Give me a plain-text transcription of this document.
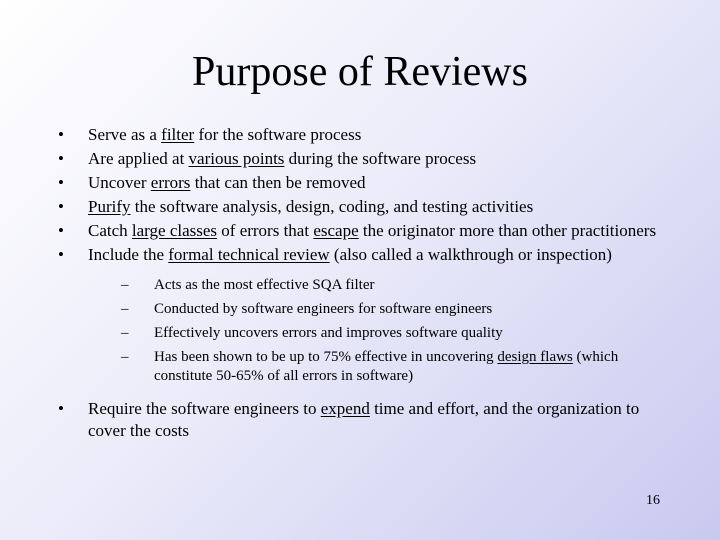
Purpose of Reviews
• Serve as a filter for the software process
• Are applied at various points during the software process
• Uncover errors that can then be removed
• Purify the software analysis, design, coding, and testing activities
• Catch large classes of errors that escape the originator more than other practitioners
• Include the formal technical review (also called a walkthrough or inspection)
– Acts as the most effective SQA filter
– Conducted by software engineers for software engineers
– Effectively uncovers errors and improves software quality
– Has been shown to be up to 75% effective in uncovering design flaws (which constitute 50-65% of all errors in software)
• Require the software engineers to expend time and effort, and the organization to cover the costs
16
